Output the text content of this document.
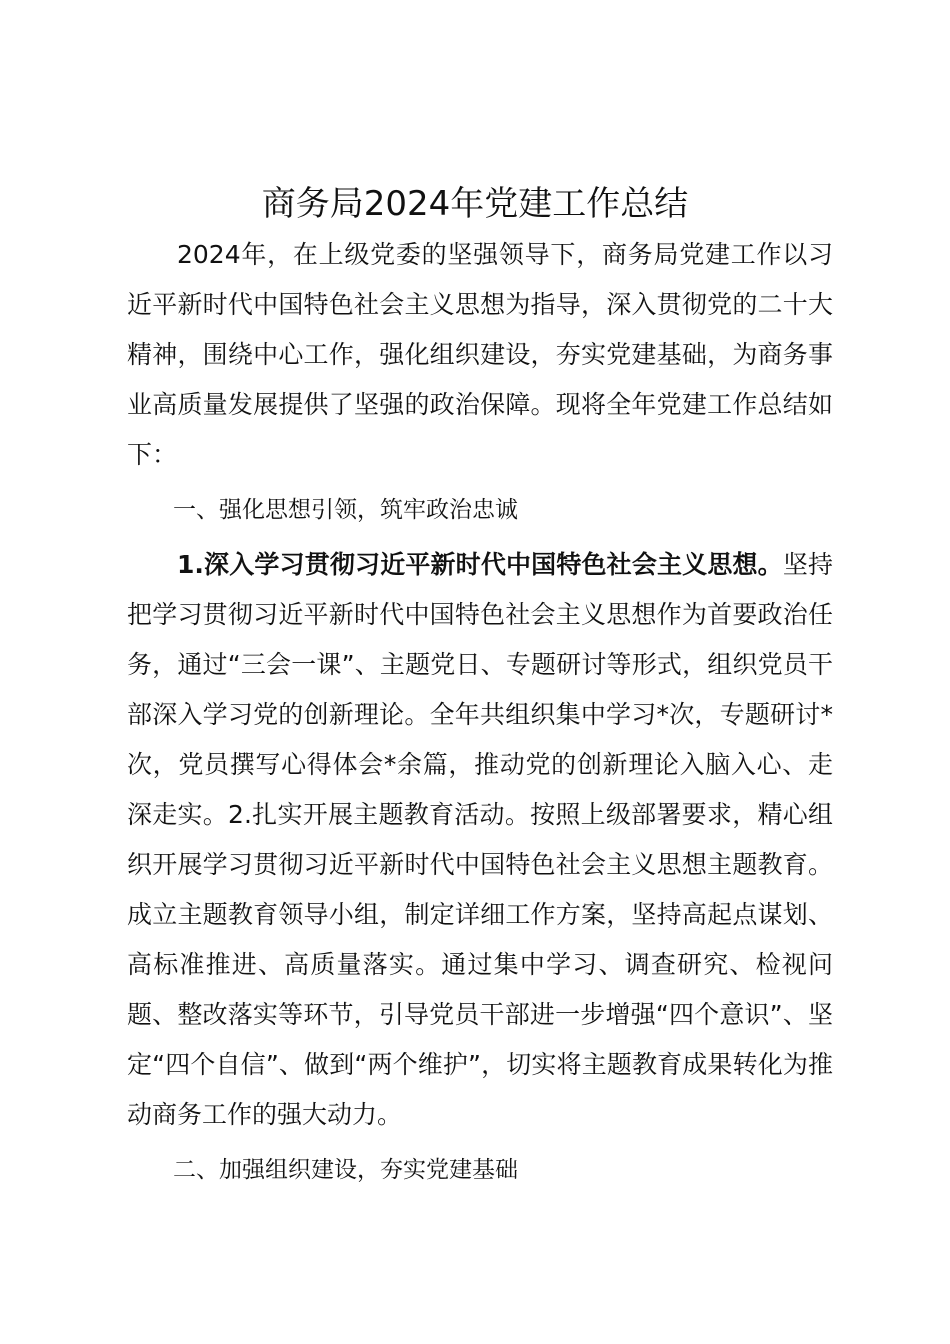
商务局2024年党建工作总结

2024年，在上级党委的坚强领导下，商务局党建工作以习近平新时代中国特色社会主义思想为指导，深入贯彻党的二十大精神，围绕中心工作，强化组织建设，夯实党建基础，为商务事业高质量发展提供了坚强的政治保障。现将全年党建工作总结如下：

一、强化思想引领，筑牢政治忠诚

1.深入学习贯彻习近平新时代中国特色社会主义思想。坚持把学习贯彻习近平新时代中国特色社会主义思想作为首要政治任务，通过“三会一课”、主题党日、专题研讨等形式，组织党员干部深入学习党的创新理论。全年共组织集中学习*次，专题研讨*次，党员撰写心得体会*余篇，推动党的创新理论入脑入心、走深走实。2.扎实开展主题教育活动。按照上级部署要求，精心组织开展学习贯彻习近平新时代中国特色社会主义思想主题教育。成立主题教育领导小组，制定详细工作方案，坚持高起点谋划、高标准推进、高质量落实。通过集中学习、调查研究、检视问题、整改落实等环节，引导党员干部进一步增强“四个意识”、坚定“四个自信”、做到“两个维护”，切实将主题教育成果转化为推动商务工作的强大动力。

二、加强组织建设，夯实党建基础
